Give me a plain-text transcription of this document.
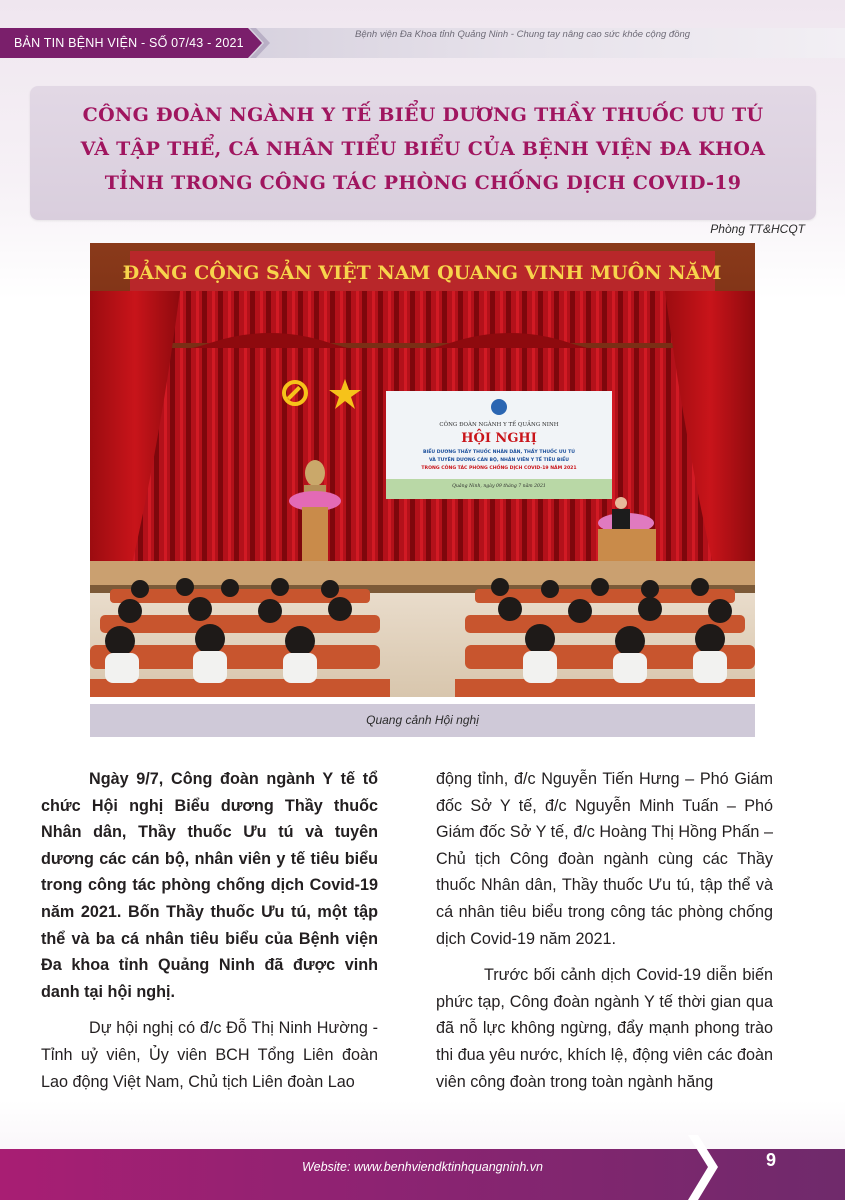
BẢN TIN BỆNH VIỆN - SỐ 07/43 - 2021
Bệnh viện Đa Khoa tỉnh Quảng Ninh - Chung tay nâng cao sức khỏe cộng đồng
CÔNG ĐOÀN NGÀNH Y TẾ BIỂU DƯƠNG THẦY THUỐC ƯU TÚ
VÀ TẬP THỂ, CÁ NHÂN TIỂU BIỂU CỦA BỆNH VIỆN ĐA KHOA
TỈNH TRONG CÔNG TÁC PHÒNG CHỐNG DỊCH COVID-19
Phòng TT&HCQT
ĐẢNG CỘNG SẢN VIỆT NAM QUANG VINH MUÔN NĂM
CÔNG ĐOÀN NGÀNH Y TẾ QUẢNG NINH
HỘI NGHỊ
BIỂU DƯƠNG THẦY THUỐC NHÂN DÂN, THẦY THUỐC ƯU TÚ
VÀ TUYÊN DƯƠNG CÁN BỘ, NHÂN VIÊN Y TẾ TIÊU BIỂU
TRONG CÔNG TÁC PHÒNG CHỐNG DỊCH COVID-19 NĂM 2021
Quảng Ninh, ngày 09 tháng 7 năm 2021
Quang cảnh Hội nghị

Ngày 9/7, Công đoàn ngành Y tế tổ chức Hội nghị Biểu dương Thầy thuốc Nhân dân, Thầy thuốc Ưu tú và tuyên dương các cán bộ, nhân viên y tế tiêu biểu trong công tác phòng chống dịch Covid-19 năm 2021. Bốn Thầy thuốc Ưu tú, một tập thể và ba cá nhân tiêu biểu của Bệnh viện Đa khoa tỉnh Quảng Ninh đã được vinh danh tại hội nghị.

Dự hội nghị có đ/c Đỗ Thị Ninh Hường - Tỉnh uỷ viên, Ủy viên BCH Tổng Liên đoàn Lao động Việt Nam, Chủ tịch Liên đoàn Lao

động tỉnh, đ/c Nguyễn Tiến Hưng – Phó Giám đốc Sở Y tế, đ/c Nguyễn Minh Tuấn – Phó Giám đốc Sở Y tế, đ/c Hoàng Thị Hồng Phấn – Chủ tịch Công đoàn ngành cùng các Thầy thuốc Nhân dân, Thầy thuốc Ưu tú, tập thể và cá nhân tiêu biểu trong công tác phòng chống dịch Covid-19 năm 2021.

Trước bối cảnh dịch Covid-19 diễn biến phức tạp, Công đoàn ngành Y tế thời gian qua đã nỗ lực không ngừng, đẩy mạnh phong trào thi đua yêu nước, khích lệ, động viên các đoàn viên công đoàn trong toàn ngành hăng

Website: www.benhviendktinhquangninh.vn	9
